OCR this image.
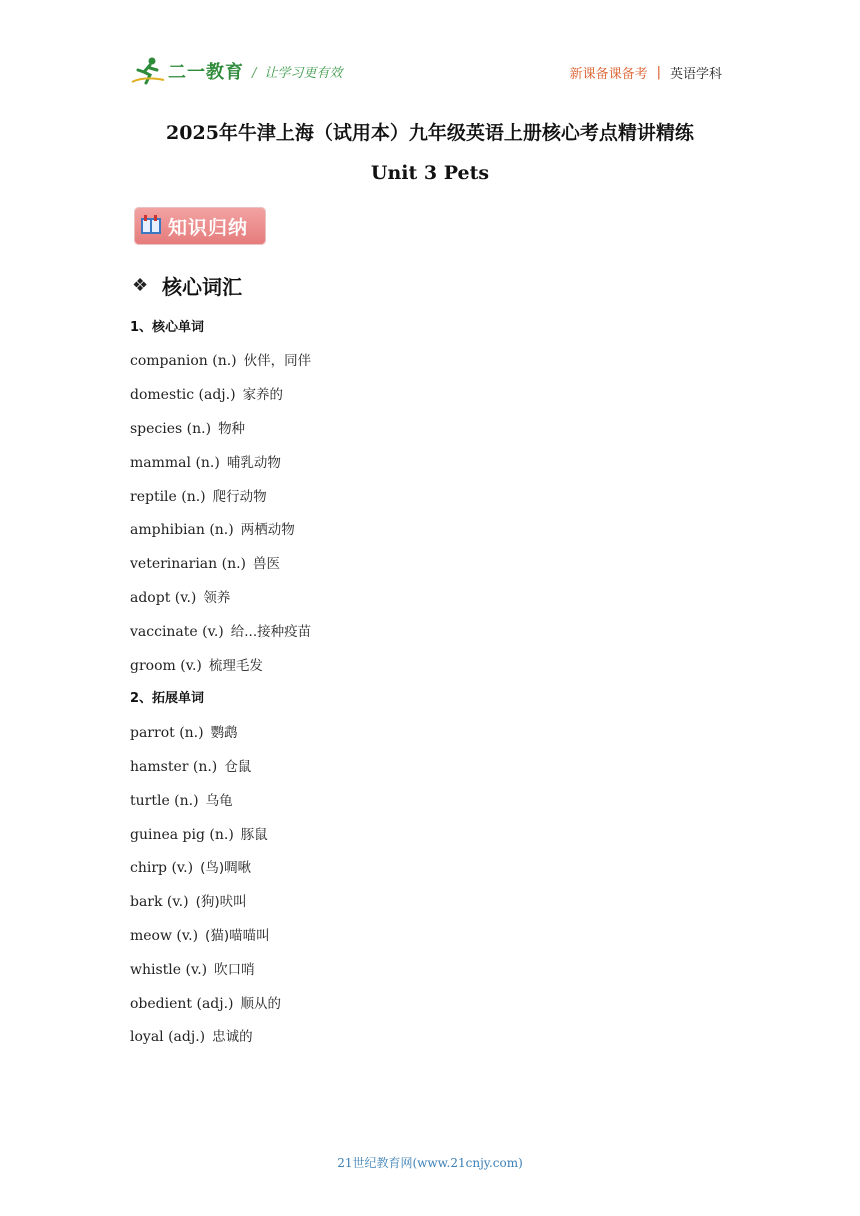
二一教育 / 让学习更有效	新课备课备考 | 英语学科
2025年牛津上海（试用本）九年级英语上册核心考点精讲精练
Unit 3 Pets
知识归纳
❖ 核心词汇
1、核心单词
companion (n.) 伙伴，同伴
domestic (adj.) 家养的
species (n.) 物种
mammal (n.) 哺乳动物
reptile (n.) 爬行动物
amphibian (n.) 两栖动物
veterinarian (n.) 兽医
adopt (v.) 领养
vaccinate (v.) 给...接种疫苗
groom (v.) 梳理毛发
2、拓展单词
parrot (n.) 鹦鹉
hamster (n.) 仓鼠
turtle (n.) 乌龟
guinea pig (n.) 豚鼠
chirp (v.) (鸟)啁啾
bark (v.) (狗)吠叫
meow (v.) (猫)喵喵叫
whistle (v.) 吹口哨
obedient (adj.) 顺从的
loyal (adj.) 忠诚的
21世纪教育网(www.21cnjy.com)
